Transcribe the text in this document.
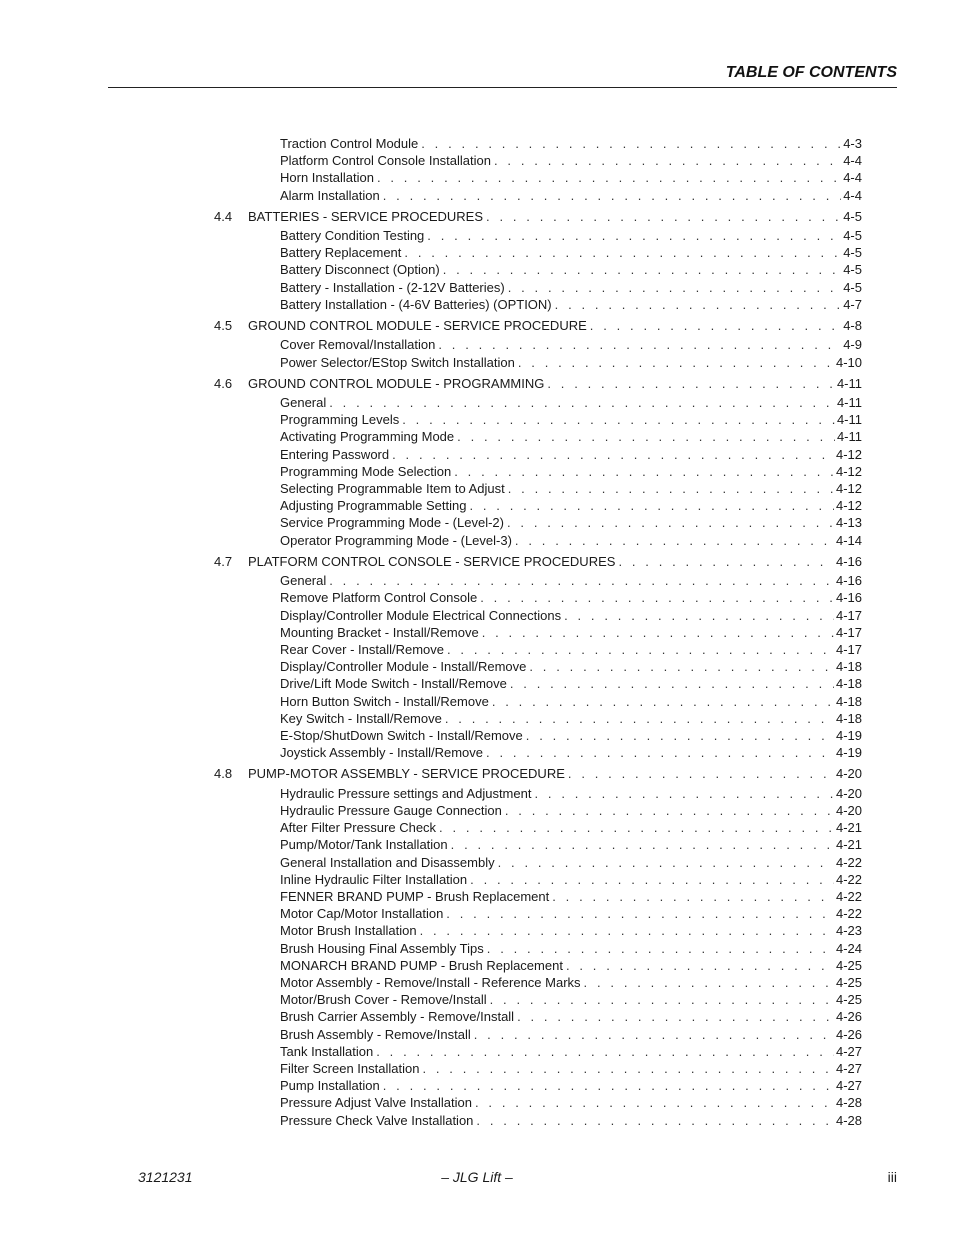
TABLE OF CONTENTS
Traction Control Module . . .	4-3
Platform Control Console Installation . . .	4-4
Horn Installation . . .	4-4
Alarm Installation . . .	4-4
4.4	BATTERIES - SERVICE PROCEDURES . . .	4-5
Battery Condition Testing . . .	4-5
Battery Replacement . . .	4-5
Battery Disconnect (Option) . . .	4-5
Battery - Installation - (2-12V Batteries) . . .	4-5
Battery Installation - (4-6V Batteries) (OPTION) . . .	4-7
4.5	GROUND CONTROL MODULE - SERVICE PROCEDURE . . .	4-8
Cover Removal/Installation . . .	4-9
Power Selector/EStop Switch Installation . . .	4-10
4.6	GROUND CONTROL MODULE - PROGRAMMING . . .	4-11
General . . .	4-11
Programming Levels . . .	4-11
Activating Programming Mode . . .	4-11
Entering Password . . .	4-12
Programming Mode Selection . . .	4-12
Selecting Programmable Item to Adjust . . .	4-12
Adjusting Programmable Setting . . .	4-12
Service Programming Mode - (Level-2) . . .	4-13
Operator Programming Mode - (Level-3) . . .	4-14
4.7	PLATFORM CONTROL CONSOLE - SERVICE PROCEDURES . . .	4-16
General . . .	4-16
Remove Platform Control Console . . .	4-16
Display/Controller Module Electrical Connections . . .	4-17
Mounting Bracket - Install/Remove . . .	4-17
Rear Cover - Install/Remove . . .	4-17
Display/Controller Module - Install/Remove . . .	4-18
Drive/Lift Mode Switch - Install/Remove . . .	4-18
Horn Button Switch - Install/Remove . . .	4-18
Key Switch - Install/Remove . . .	4-18
E-Stop/ShutDown Switch - Install/Remove . . .	4-19
Joystick Assembly - Install/Remove . . .	4-19
4.8	PUMP-MOTOR ASSEMBLY - SERVICE PROCEDURE . . .	4-20
Hydraulic Pressure settings and Adjustment . . .	4-20
Hydraulic Pressure Gauge Connection . . .	4-20
After Filter Pressure Check . . .	4-21
Pump/Motor/Tank Installation . . .	4-21
General Installation and Disassembly . . .	4-22
Inline Hydraulic Filter Installation . . .	4-22
FENNER BRAND PUMP - Brush Replacement . . .	4-22
Motor Cap/Motor Installation . . .	4-22
Motor Brush Installation . . .	4-23
Brush Housing Final Assembly Tips . . .	4-24
MONARCH BRAND PUMP - Brush Replacement . . .	4-25
Motor Assembly - Remove/Install - Reference Marks . . .	4-25
Motor/Brush Cover - Remove/Install . . .	4-25
Brush Carrier Assembly - Remove/Install . . .	4-26
Brush Assembly - Remove/Install . . .	4-26
Tank Installation . . .	4-27
Filter Screen Installation . . .	4-27
Pump Installation . . .	4-27
Pressure Adjust Valve Installation . . .	4-28
Pressure Check Valve Installation . . .	4-28
3121231	– JLG Lift –	iii
